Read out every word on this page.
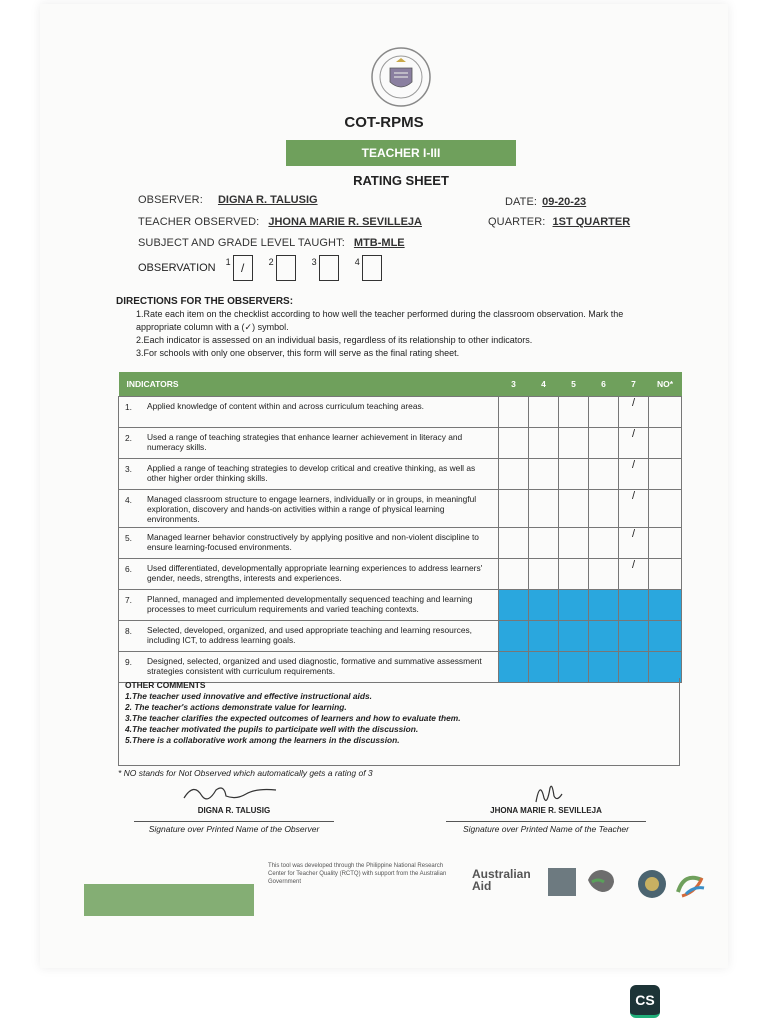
COT-RPMS
TEACHER I-III
RATING SHEET
OBSERVER: DIGNA R. TALUSIG	DATE: 09-20-23
TEACHER OBSERVED: JHONA MARIE R. SEVILLEJA	QUARTER: 1ST QUARTER
SUBJECT AND GRADE LEVEL TAUGHT: MTB-MLE
OBSERVATION 1 /	2	3	4
DIRECTIONS FOR THE OBSERVERS:
1.Rate each item on the checklist according to how well the teacher performed during the classroom observation. Mark the appropriate column with a (✓) symbol.
2.Each indicator is assessed on an individual basis, regardless of its relationship to other indicators.
3.For schools with only one observer, this form will serve as the final rating sheet.
INDICATORS		3	4	5	6	7	NO*
1.	Applied knowledge of content within and across curriculum teaching areas.					/	
2.	Used a range of teaching strategies that enhance learner achievement in literacy and numeracy skills.					/	
3.	Applied a range of teaching strategies to develop critical and creative thinking, as well as other higher order thinking skills.					/	
4.	Managed classroom structure to engage learners, individually or in groups, in meaningful exploration, discovery and hands-on activities within a range of physical learning environments.					/	
5.	Managed learner behavior constructively by applying positive and non-violent discipline to ensure learning-focused environments.					/	
6.	Used differentiated, developmentally appropriate learning experiences to address learners' gender, needs, strengths, interests and experiences.					/	
7.	Planned, managed and implemented developmentally sequenced teaching and learning processes to meet curriculum requirements and varied teaching contexts.						
8.	Selected, developed, organized, and used appropriate teaching and learning resources, including ICT, to address learning goals.						
9.	Designed, selected, organized and used diagnostic, formative and summative assessment strategies consistent with curriculum requirements.						
OTHER COMMENTS
1.The teacher used innovative and effective instructional aids.
2. The teacher's actions demonstrate value for learning.
3.The teacher clarifies the expected outcomes of learners and how to evaluate them.
4.The teacher motivated the pupils to participate well with the discussion.
5.There is a collaborative work among the learners in the discussion.
* NO stands for Not Observed which automatically gets a rating of 3
DIGNA R. TALUSIG
Signature over Printed Name of the Observer
JHONA MARIE R. SEVILLEJA
Signature over Printed Name of the Teacher
This tool was developed through the Philippine National Research Center for Teacher Quality (RCTQ) with support from the Australian Government
Australian
Aid
CS
